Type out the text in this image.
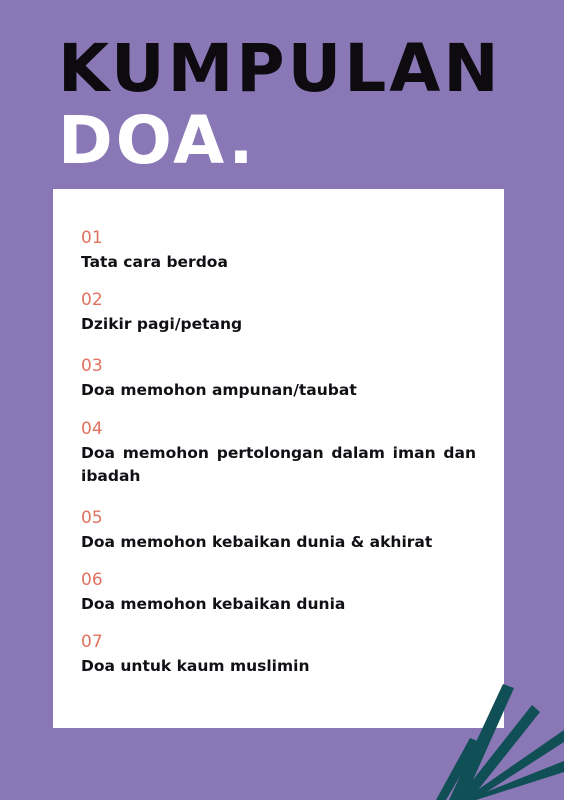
KUMPULAN
DOA.
01
Tata cara berdoa
02
Dzikir pagi/petang
03
Doa memohon ampunan/taubat
04
Doa memohon pertolongan dalam iman dan ibadah
05
Doa memohon kebaikan dunia & akhirat
06
Doa memohon kebaikan dunia
07
Doa untuk kaum muslimin
